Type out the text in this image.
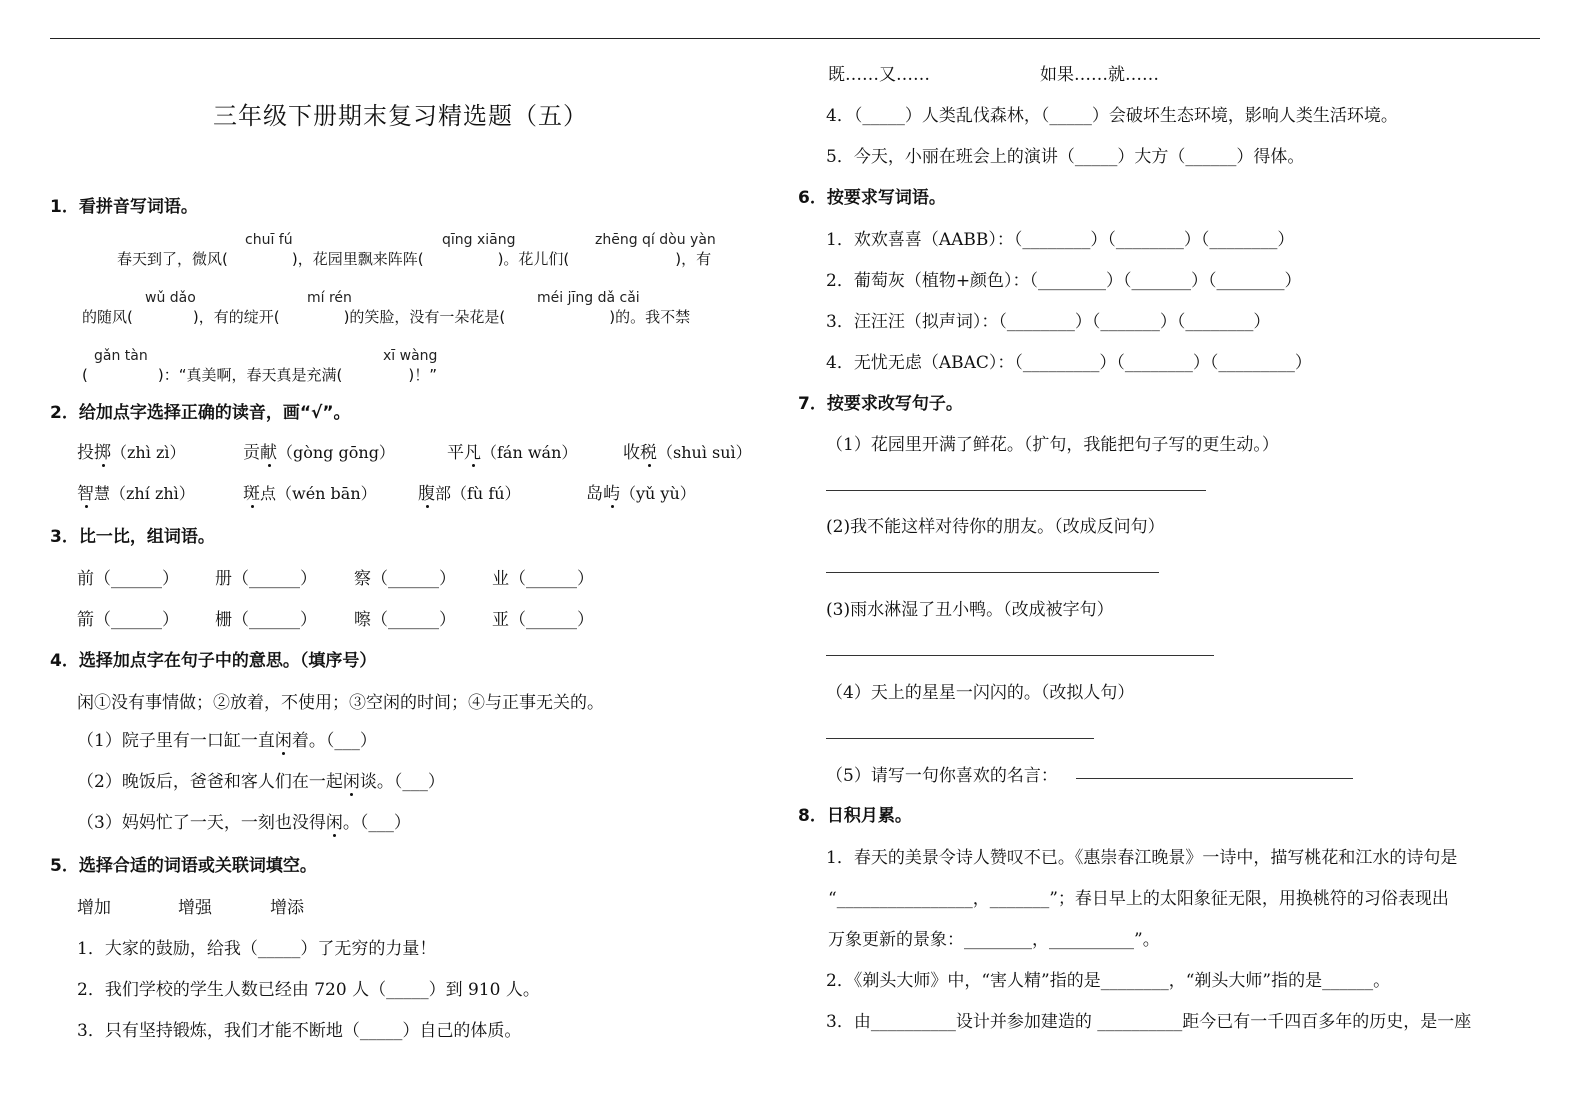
三年级下册期末复习精选题（五）
1．看拼音写词语。
chuī fú	qīng xiāng	zhēng qí dòu yàn
春天到了，微风(	)，花园里飘来阵阵(	)。花儿们(	)，有
wǔ dǎo	mí rén	méi jīng dǎ cǎi
的随风(	)，有的绽开(	)的笑脸，没有一朵花是(	)的。我不禁
gǎn tàn	xī wàng
(	)：“真美啊，春天真是充满(	)！”
2．给加点字选择正确的读音，画“√”。
投掷（zhì zì）	贡献（gòng gōng）	平凡（fán wán）	收税（shuì suì）
智慧（zhí zhì）	斑点（wén bān） 腹部（fù fú）	岛屿（yǔ yù）
3．比一比，组词语。
前（______） 册（______） 察（______） 业（______）
箭（______） 栅（______） 嚓（______） 亚（______）
4．选择加点字在句子中的意思。（填序号）
闲①没有事情做；②放着，不使用；③空闲的时间；④与正事无关的。
（1）院子里有一口缸一直闲着。（___）
（2）晚饭后，爸爸和客人们在一起闲谈。（___）
（3）妈妈忙了一天，一刻也没得闲。（___）
5．选择合适的词语或关联词填空。
增加	增强	增添
1．大家的鼓励，给我（_____）了无穷的力量！
2．我们学校的学生人数已经由 720 人（_____）到 910 人。
3．只有坚持锻炼，我们才能不断地（_____）自己的体质。
既……又……	如果……就……
4．（_____）人类乱伐森林，（_____）会破坏生态环境，影响人类生活环境。
5．今天，小丽在班会上的演讲（_____）大方（______）得体。
6．按要求写词语。
1．欢欢喜喜（AABB）：（________）（________）（________）
2．葡萄灰（植物+颜色）：（________）（_______）（________）
3．汪汪汪（拟声词）：（________）（_______）（________）
4．无忧无虑（ABAC）：（_________）（________）（_________）
7．按要求改写句子。
（1）花园里开满了鲜花。（扩句，我能把句子写的更生动。）
(2)我不能这样对待你的朋友。（改成反问句）
(3)雨水淋湿了丑小鸭。（改成被字句）
（4）天上的星星一闪闪的。（改拟人句）
（5）请写一句你喜欢的名言：
8．日积月累。
1．春天的美景令诗人赞叹不已。《惠崇春江晚景》一诗中，描写桃花和江水的诗句是
“________________，_______”；春日早上的太阳象征无限，用换桃符的习俗表现出
万象更新的景象：________，__________”。
2．《剃头大师》中，“害人精”指的是________，“剃头大师”指的是______。
3．由__________设计并参加建造的 __________距今已有一千四百多年的历史，是一座
